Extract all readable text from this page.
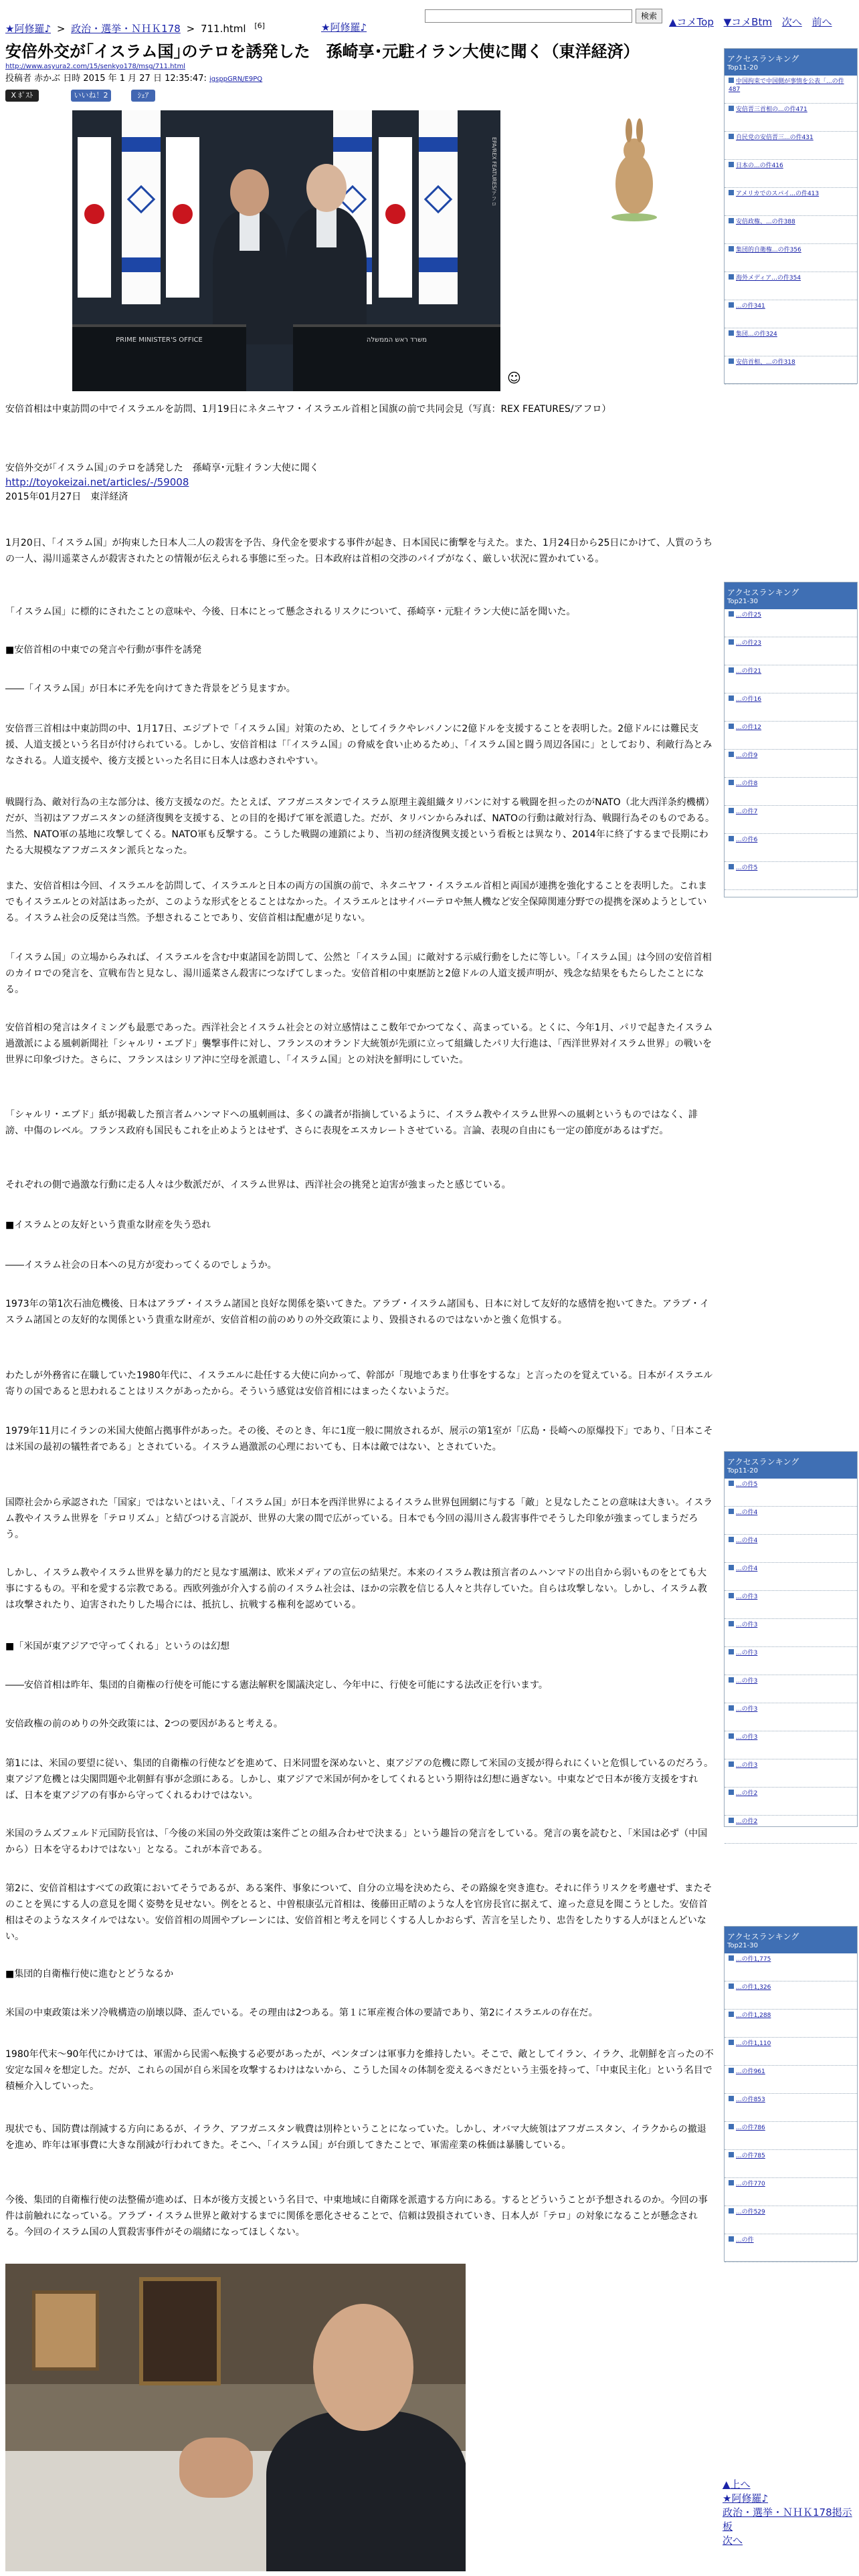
★阿修羅♪ > 政治・選挙・ＮＨＫ178 > 711.html [6]	★阿修羅♪
検索	▲コメTop ▼コメBtm 次へ 前へ
安倍外交が｢イスラム国｣のテロを誘発した　孫崎享･元駐イラン大使に聞く（東洋経済）
http://www.asyura2.com/15/senkyo178/msg/711.html
投稿者 赤かぶ 日時 2015 年 1 月 27 日 12:35:47: igsppGRN/E9PQ
X ﾎﾟｽﾄ	いいね！2	ｼｪｱ
PRIME MINISTER'S OFFICE	משרד ראש הממשלה
EPA/REX FEATURES/アフロ
☺
安倍首相は中東訪問の中でイスラエルを訪問、1月19日にネタニヤフ・イスラエル首相と国旗の前で共同会見（写真：REX FEATURES/アフロ）
安倍外交が｢イスラム国｣のテロを誘発した　孫崎享･元駐イラン大使に聞く
http://toyokeizai.net/articles/-/59008
2015年01月27日　東洋経済
1月20日、「イスラム国」が拘束した日本人二人の殺害を予告、身代金を要求する事件が起き、日本国民に衝撃を与えた。また、1月24日から25日にかけて、人質のうちの一人、湯川遥菜さんが殺害されたとの情報が伝えられる事態に至った。日本政府は首相の交渉のパイプがなく、厳しい状況に置かれている。
「イスラム国」に標的にされたことの意味や、今後、日本にとって懸念されるリスクについて、孫崎享・元駐イラン大使に話を聞いた。
■安倍首相の中東での発言や行動が事件を誘発
――「イスラム国」が日本に矛先を向けてきた背景をどう見ますか。
安倍晋三首相は中東訪問の中、1月17日、エジプトで「イスラム国」対策のため、としてイラクやレバノンに2億ドルを支援することを表明した。2億ドルには難民支援、人道支援という名目が付けられている。しかし、安倍首相は「「イスラム国」の脅威を食い止めるため」、「イスラム国と闘う周辺各国に」としており、利敵行為とみなされる。人道支援や、後方支援といった名目に日本人は惑わされやすい。
戦闘行為、敵対行為の主な部分は、後方支援なのだ。たとえば、アフガニスタンでイスラム原理主義組織タリバンに対する戦闘を担ったのがNATO（北大西洋条約機構）だが、当初はアフガニスタンの経済復興を支援する、との目的を掲げて軍を派遣した。だが、タリバンからみれば、NATOの行動は敵対行為、戦闘行為そのものである。当然、NATO軍の基地に攻撃してくる。NATO軍も反撃する。こうした戦闘の連鎖により、当初の経済復興支援という看板とは異なり、2014年に終了するまで長期にわたる大規模なアフガニスタン派兵となった。
また、安倍首相は今回、イスラエルを訪問して、イスラエルと日本の両方の国旗の前で、ネタニヤフ・イスラエル首相と両国が連携を強化することを表明した。これまでもイスラエルとの対話はあったが、このような形式をとることはなかった。イスラエルとはサイバーテロや無人機など安全保障関連分野での提携を深めようとしている。イスラム社会の反発は当然。予想されることであり、安倍首相は配慮が足りない。
「イスラム国」の立場からみれば、イスラエルを含む中東諸国を訪問して、公然と「イスラム国」に敵対する示威行動をしたに等しい。「イスラム国」は今回の安倍首相のカイロでの発言を、宣戦布告と見なし、湯川遥菜さん殺害につなげてしまった。安倍首相の中東歴訪と2億ドルの人道支援声明が、残念な結果をもたらしたことになる。
安倍首相の発言はタイミングも最悪であった。西洋社会とイスラム社会との対立感情はここ数年でかつてなく、高まっている。とくに、今年1月、パリで起きたイスラム過激派による風刺新聞社「シャルリ・エブド」襲撃事件に対し、フランスのオランド大統領が先頭に立って組織したパリ大行進は、「西洋世界対イスラム世界」の戦いを世界に印象づけた。さらに、フランスはシリア沖に空母を派遣し、「イスラム国」との対決を鮮明にしていた。
「シャルリ・エブド」紙が掲載した預言者ムハンマドへの風刺画は、多くの識者が指摘しているように、イスラム教やイスラム世界への風刺というものではなく、誹謗、中傷のレベル。フランス政府も国民もこれを止めようとはせず、さらに表現をエスカレートさせている。言論、表現の自由にも一定の節度があるはずだ。
それぞれの側で過激な行動に走る人々は少数派だが、イスラム世界は、西洋社会の挑発と迫害が強まったと感じている。
■イスラムとの友好という貴重な財産を失う恐れ
――イスラム社会の日本への見方が変わってくるのでしょうか。
1973年の第1次石油危機後、日本はアラブ・イスラム諸国と良好な関係を築いてきた。アラブ・イスラム諸国も、日本に対して友好的な感情を抱いてきた。アラブ・イスラム諸国との友好的な関係という貴重な財産が、安倍首相の前のめりの外交政策により、毀損されるのではないかと強く危惧する。
わたしが外務省に在職していた1980年代に、イスラエルに赴任する大使に向かって、幹部が「現地であまり仕事をするな」と言ったのを覚えている。日本がイスラエル寄りの国であると思われることはリスクがあったから。そういう感覚は安倍首相にはまったくないようだ。
1979年11月にイランの米国大使館占拠事件があった。その後、そのとき、年に1度一般に開放されるが、展示の第1室が「広島・長崎への原爆投下」であり、「日本こそは米国の最初の犠牲者である」とされている。イスラム過激派の心理においても、日本は敵ではない、とされていた。
国際社会から承認された「国家」ではないとはいえ、「イスラム国」が日本を西洋世界によるイスラム世界包囲網に与する「敵」と見なしたことの意味は大きい。イスラム教やイスラム世界を「テロリズム」と結びつける言説が、世界の大衆の間で広がっている。日本でも今回の湯川さん殺害事件でそうした印象が強まってしまうだろう。
しかし、イスラム教やイスラム世界を暴力的だと見なす風潮は、欧米メディアの宣伝の結果だ。本来のイスラム教は預言者のムハンマドの出自から弱いものをとても大事にするもの。平和を愛する宗教である。西欧列強が介入する前のイスラム社会は、ほかの宗教を信じる人々と共存していた。自らは攻撃しない。しかし、イスラム教は攻撃されたり、迫害されたりした場合には、抵抗し、抗戦する権利を認めている。
■「米国が東アジアで守ってくれる」というのは幻想
――安倍首相は昨年、集団的自衛権の行使を可能にする憲法解釈を閣議決定し、今年中に、行使を可能にする法改正を行います。
安倍政権の前のめりの外交政策には、2つの要因があると考える。
第1には、米国の要望に従い、集団的自衛権の行使などを進めて、日米同盟を深めないと、東アジアの危機に際して米国の支援が得られにくいと危惧しているのだろう。東アジア危機とは尖閣問題や北朝鮮有事が念頭にある。しかし、東アジアで米国が何かをしてくれるという期待は幻想に過ぎない。中東などで日本が後方支援をすれば、日本を東アジアの有事から守ってくれるわけではない。
米国のラムズフェルド元国防長官は、「今後の米国の外交政策は案件ごとの組み合わせで決まる」という趣旨の発言をしている。発言の裏を読むと、「米国は必ず（中国から）日本を守るわけではない」となる。これが本音である。
第2に、安倍首相はすべての政策においてそうであるが、ある案件、事象について、自分の立場を決めたら、その路線を突き進む。それに伴うリスクを考慮せず、またそのことを異にする人の意見を聞く姿勢を見せない。例をとると、中曽根康弘元首相は、後藤田正晴のような人を官房長官に据えて、違った意見を聞こうとした。安倍首相はそのようなスタイルではない。安倍首相の周囲やブレーンには、安倍首相と考えを同じくする人しかおらず、苦言を呈したり、忠告をしたりする人がほとんどいない。
■集団的自衛権行使に進むとどうなるか
米国の中東政策は米ソ冷戦構造の崩壊以降、歪んでいる。その理由は2つある。第１に軍産複合体の要請であり、第2にイスラエルの存在だ。
1980年代末〜90年代にかけては、軍需から民需へ転換する必要があったが、ペンタゴンは軍事力を維持したい。そこで、敵としてイラン、イラク、北朝鮮を言ったの不安定な国々を想定した。だが、これらの国が自ら米国を攻撃するわけはないから、こうした国々の体制を変えるべきだという主張を持って、「中東民主化」という名目で積極介入していった。
現状でも、国防費は削減する方向にあるが、イラク、アフガニスタン戦費は別枠ということになっていた。しかし、オバマ大統領はアフガニスタン、イラクからの撤退を進め、昨年は軍事費に大きな削減が行われてきた。そこへ、「イスラム国」が台頭してきたことで、軍需産業の株価は暴騰している。
今後、集団的自衛権行使の法整備が進めば、日本が後方支援という名目で、中東地域に自衛隊を派遣する方向にある。するとどういうことが予想されるのか。今回の事件は前触れになっている。アラブ・イスラム世界と敵対するまでに関係を悪化させることで、信頼は毀損されていき、日本人が「テロ」の対象になることが懸念される。今回のイスラム国の人質殺害事件がその端緒になってほしくない。
アクセスランキング
Top11-20
中国拘束で中国側が事情を公表「...の件487
安倍晋三首相の...の件471
自民党の安倍晋三...の件431
日本の...の件416
アメリカでのスパイ...の件413
安倍政権、...の件388
集団的自衛権...の件356
海外メディア...の件354
...の件341
集団...の件324
安倍首相、...の件318
アクセスランキング
Top21-30
...の件25
...の件23
...の件21
...の件16
...の件12
...の件9
...の件8
...の件7
...の件6
...の件5
アクセスランキング
Top11-20
...の件5
...の件4
...の件4
...の件4
...の件3
...の件3
...の件3
...の件3
...の件3
...の件3
...の件3
...の件2
...の件2
アクセスランキング
Top21-30
...の件1,775
...の件1,326
...の件1,288
...の件1,110
...の件961
...の件853
...の件786
...の件785
...の件770
...の件529
...の件
▲上へ
★阿修羅♪
政治・選挙・ＮＨＫ178掲示板
次へ
